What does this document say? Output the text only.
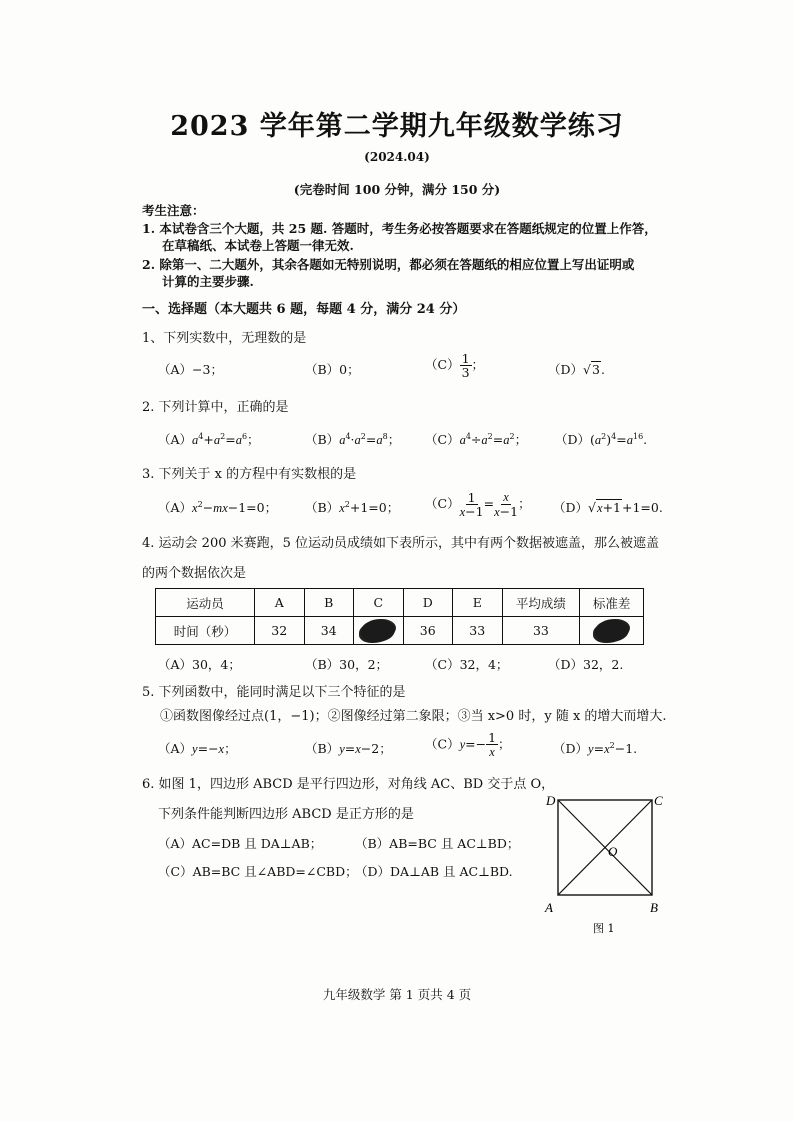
2023 学年第二学期九年级数学练习
(2024.04)
(完卷时间 100 分钟，满分 150 分)
考生注意：
1. 本试卷含三个大题，共 25 题. 答题时，考生务必按答题要求在答题纸规定的位置上作答，
在草稿纸、本试卷上答题一律无效.
2. 除第一、二大题外，其余各题如无特别说明，都必须在答题纸的相应位置上写出证明或
计算的主要步骤.
一、选择题（本大题共 6 题，每题 4 分，满分 24 分）
1、下列实数中，无理数的是
（A）−3；	（B）0；	$(C) \frac{1}{3}$ ；	（D）√3.
2. 下列计算中，正确的是
$(A)a^4+a^2=a^6$；	$(B)a^4\cdot a^2=a^8$； $(C)a^4\div a^2=a^2$； $(D)(a^2)^4=a^{16}$.
3. 下列关于 x 的方程中有实数根的是
$(A)x^2-mx-1=0$； $(B)x^2+1=0$； $(C) \frac{1}{x-1} = \frac{x}{x-1}$ ； （D）√x+1+1=0.
4. 运动会 200 米赛跑，5 位运动员成绩如下表所示，其中有两个数据被遮盖，那么被遮盖
的两个数据依次是
运动员	A	B	C	D	E	平均成绩	标准差
时间（秒）	32	34		36	33	33	
（A）30，4；	（B）30，2；	（C）32，4；	（D）32，2.
5. 下列函数中，能同时满足以下三个特征的是
①函数图像经过点(1，−1)；②图像经过第二象限；③当 x>0 时，y 随 x 的增大而增大.
（A）y=−x；	（B）y=x−2；	$(C)y=- \frac{1}{x}$ ；	$(D)y=x^2-1$.
6. 如图 1，四边形 ABCD 是平行四边形，对角线 AC、BD 交于点 O，
下列条件能判断四边形 ABCD 是正方形的是
（A）AC=DB 且 DA⊥AB；	（B）AB=BC 且 AC⊥BD；
（C）AB=BC 且∠ABD=∠CBD；
（D）DA⊥AB 且 AC⊥BD.
D	C
A	B
O
图 1
九年级数学 第 1 页共 4 页
